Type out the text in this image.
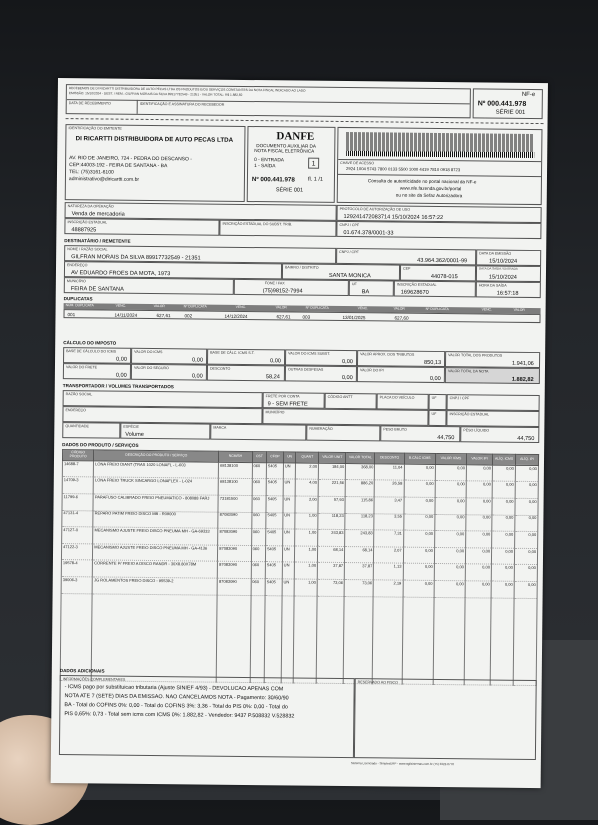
RECEBEMOS DE DI RICARTTI DISTRIBUIDORA DE AUTO PECAS LTDA OS PRODUTOS E/OU SERVIÇOS CONSTANTES DA NOTA FISCAL INDICADO AO LADO
EMISSÃO: 15/10/2024 - DEST. / REM.: GILFRAN MORAIS DA SILVA 89917732549 - 21351 - VALOR TOTAL: R$ 1.882,82
DATA DE RECEBIMENTO	IDENTIFICAÇÃO E ASSINATURA DO RECEBEDOR
NF-e
Nº 000.441.978
SÉRIE 001
IDENTIFICAÇÃO DO EMITENTE
DI RICARTTI DISTRIBUIDORA DE AUTO PECAS LTDA
AV. RIO DE JANEIRO, 724 - PEDRA DO DESCANSO -
CEP:44003-192 - FEIRA DE SANTANA - BA
TEL: (75)3161-6100
administrativo@diricartti.com.br
DANFE
DOCUMENTO AUXILIAR DA
NOTA FISCAL ELETRÔNICA
0 - ENTRADA
1 - SAÍDA	1
Nº 000.441.978 fl. 1 /1
SÉRIE 001
CHAVE DE ACESSO
2924 1004 5743 7800 0133 5500 1000 4419 7810 0918 8723
Consulta de autenticidade no portal nacional da NF-e
www.nfe.fazenda.gov.br/portal
ou no site da Sefaz Autorizadora
NATUREZA DA OPERAÇÃO
Venda de mercadoria
PROTOCOLO DE AUTORIZAÇÃO DE USO
129241472083714 15/10/2024 16:57:22
INSCRIÇÃO ESTADUAL
48887925
INSCRIÇÃO ESTADUAL DO SUBST. TRIB.	CNPJ / CPF
01.674.378/0001-33
DESTINATÁRIO / REMETENTE
NOME / RAZÃO SOCIAL
GILFRAN MORAIS DA SILVA 89917732549 - 21351
CNPJ / CPF
43.964.362/0001-99
DATA DA EMISSÃO
15/10/2024
ENDEREÇO
AV EDUARDO FROES DA MOTA, 1973
BAIRRO / DISTRITO
SANTA MONICA
CEP
44078-015
DATA DA SAÍDA / ENTRADA
15/10/2024
MUNICÍPIO
FEIRA DE SANTANA
FONE / FAX
(75)98152-7994
UF
BA
INSCRIÇÃO ESTADUAL
169628670
HORA DA SAÍDA
16:57:18
DUPLICATAS
NÚM. DUPLICATA	VENC.	VALOR	Nº DUPLICATA	VENC.	VALOR	Nº DUPLICATA	VENC.	VALOR	Nº DUPLICATA	VENC.	VALOR
001	14/11/2024	627,61	002	14/12/2024	627,61	003	13/01/2025	627,60
CÁLCULO DO IMPOSTO
BASE DE CÁLCULO DO ICMS
0,00
VALOR DO ICMS
0,00
BASE DE CÁLC. ICMS S.T.
0,00
VALOR DO ICMS SUBST.
0,00
VALOR APROX. DOS TRIBUTOS
850,13
VALOR TOTAL DOS PRODUTOS
1.941,06
VALOR DO FRETE
0,00
VALOR DO SEGURO
0,00
DESCONTO
58,24
OUTRAS DESPESAS
0,00
VALOR DO IPI
0,00
VALOR TOTAL DA NOTA
1.882,82
TRANSPORTADOR / VOLUMES TRANSPORTADOS
RAZÃO SOCIAL	FRETE POR CONTA
9 - SEM FRETE
CÓDIGO ANTT	PLACA DO VEÍCULO	UF	CNPJ / CPF
ENDEREÇO	MUNICÍPIO	UF	INSCRIÇÃO ESTADUAL
QUANTIDADE	ESPÉCIE
Volume
MARCA	NUMERAÇÃO	PESO BRUTO
44,750
PESO LÍQUIDO
44,750
DADOS DO PRODUTO / SERVIÇOS
CÓDIGO PRODUTO	DESCRIÇÃO DO PRODUTO / SERVIÇO	NCM/SH	CST	CFOP	UN	QUANT	VALOR UNIT	VALOR TOTAL	DESCONTO	B.CÁLC ICMS	VALOR ICMS	VALOR IPI	ALÍQ. ICMS	ALÍQ. IPI
14688-7	LONA FREIO DIANT (TRAS 1020 LONAFL - L-603	68138100	060	5405	UN	2,00	184,00	368,00	11,04	0,00	0,00	0,00	0,00	0,00
14709-3	LONA FREIO TRUCK SINCARGO LONAFLEX - L-024	68138100	060	5405	UN	4,00	221,56	886,20	26,58	0,00	0,00	0,00	0,00	0,00
11799-6	PARAFUSO CALIBRADO FREIO PNEUMATICO - 808088 FARJ	73181500	060	5405	UN	2,00	57,93	115,86	3,47	0,00	0,00	0,00	0,00	0,00
47131-4	REPARO PATIM FREIO DISCO MB - R09000	87083090	060	5405	UN	1,00	118,23	118,23	3,55	0,00	0,00	0,00	0,00	0,00
47127-0	MECANISMO AJUSTE FREIO DISCO PNEUMA MH - GA-69333	87083090	060	5405	UN	1,00	243,83	243,83	7,31	0,00	0,00	0,00	0,00	0,00
47122-3	MECANISMO AJUSTE FREIO DISCO PNEUMA MH - GA-4136	87083090	060	5405	UN	1,00	68,14	68,14	2,07	0,00	0,00	0,00	0,00	0,00
19578-4	CORRENTE P/ FREIO A DISCO RANDR - 30X8.80X78M	87083090	060	5405	UN	1,00	37,87	37,87	1,13	0,00	0,00	0,00	0,00	0,00
39006-3	JG ROLAMENTOS FREIO DISCO - 95539-2	87083090	060	5405	UN	1,00	73,06	73,06	2,19	0,00	0,00	0,00	0,00	0,00

DADOS ADICIONAIS
INFORMAÇÕES COMPLEMENTARES
- ICMS pago por substituicao tributaria (Ajuste SINIEF 4/93) - DEVOLUCAO APENAS COM
NOTA ATE 7 (SETE) DIAS DA EMISSAO. NAO CANCELAMOS NOTA - Pagamento: 30/60/90
BA - Total do COFINS 0%: 0,00 - Total do COFINS 3%: 3,36 - Total do PIS 0%: 0,00 - Total do
PIS 0,65%: 0,73 - Total sem icms com ICMS 0%: 1.882,82 - Vendedor: 9437 P.508832 V.528832
RESERVADO AO FISCO
Sistema Licenciado - SimplesERP - www.agilsistemas.com.br (75) 3322-0770
